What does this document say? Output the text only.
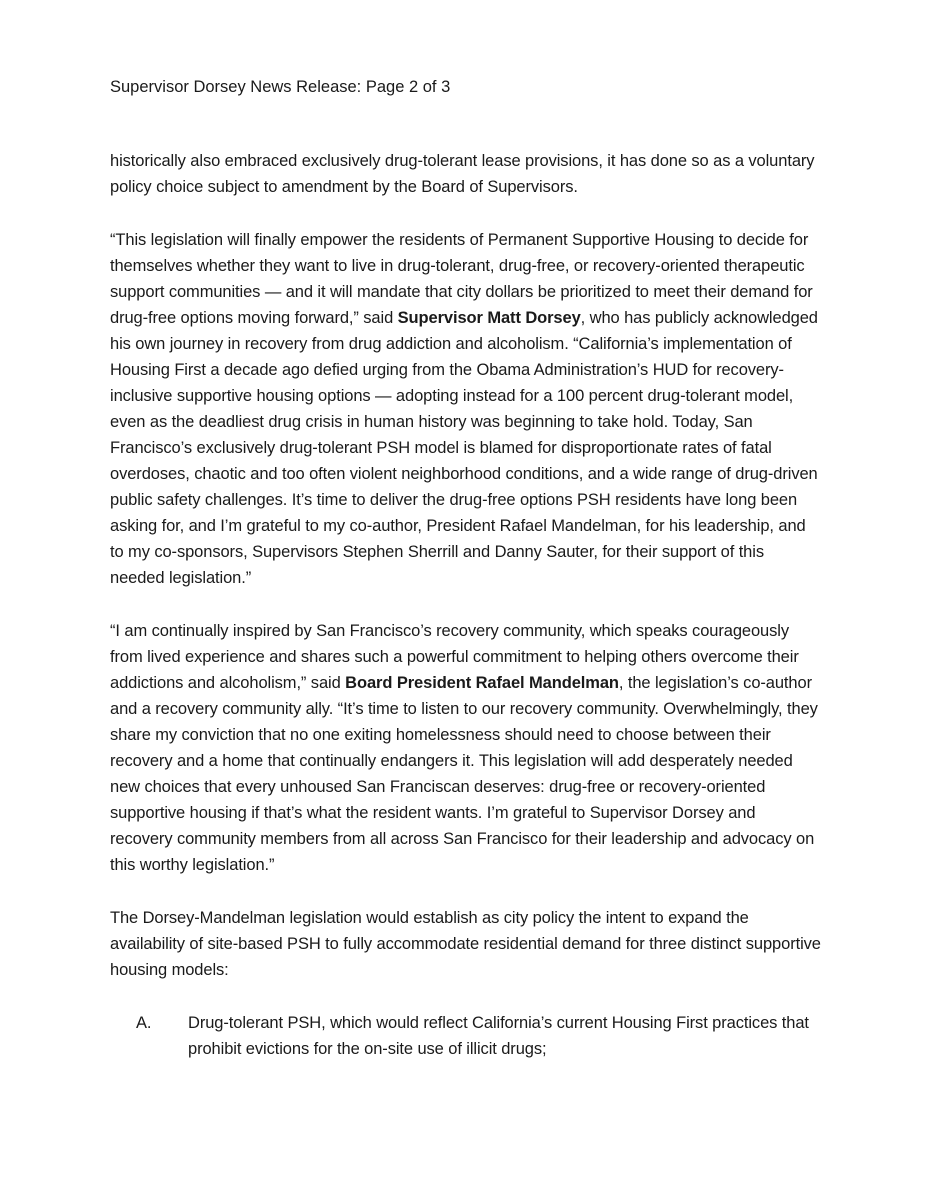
Supervisor Dorsey News Release: Page 2 of 3

historically also embraced exclusively drug-tolerant lease provisions, it has done so as a voluntary policy choice subject to amendment by the Board of Supervisors.

“This legislation will finally empower the residents of Permanent Supportive Housing to decide for themselves whether they want to live in drug-tolerant, drug-free, or recovery-oriented therapeutic support communities — and it will mandate that city dollars be prioritized to meet their demand for drug-free options moving forward,” said Supervisor Matt Dorsey, who has publicly acknowledged his own journey in recovery from drug addiction and alcoholism. “California’s implementation of Housing First a decade ago defied urging from the Obama Administration’s HUD for recovery-inclusive supportive housing options — adopting instead for a 100 percent drug-tolerant model, even as the deadliest drug crisis in human history was beginning to take hold. Today, San Francisco’s exclusively drug-tolerant PSH model is blamed for disproportionate rates of fatal overdoses, chaotic and too often violent neighborhood conditions, and a wide range of drug-driven public safety challenges. It’s time to deliver the drug-free options PSH residents have long been asking for, and I’m grateful to my co-author, President Rafael Mandelman, for his leadership, and to my co-sponsors, Supervisors Stephen Sherrill and Danny Sauter, for their support of this needed legislation.”

“I am continually inspired by San Francisco’s recovery community, which speaks courageously from lived experience and shares such a powerful commitment to helping others overcome their addictions and alcoholism,” said Board President Rafael Mandelman, the legislation’s co-author and a recovery community ally. “It’s time to listen to our recovery community. Overwhelmingly, they share my conviction that no one exiting homelessness should need to choose between their recovery and a home that continually endangers it. This legislation will add desperately needed new choices that every unhoused San Franciscan deserves: drug-free or recovery-oriented supportive housing if that’s what the resident wants. I’m grateful to Supervisor Dorsey and recovery community members from all across San Francisco for their leadership and advocacy on this worthy legislation.”

The Dorsey-Mandelman legislation would establish as city policy the intent to expand the availability of site-based PSH to fully accommodate residential demand for three distinct supportive housing models:

A. Drug-tolerant PSH, which would reflect California’s current Housing First practices that prohibit evictions for the on-site use of illicit drugs;
